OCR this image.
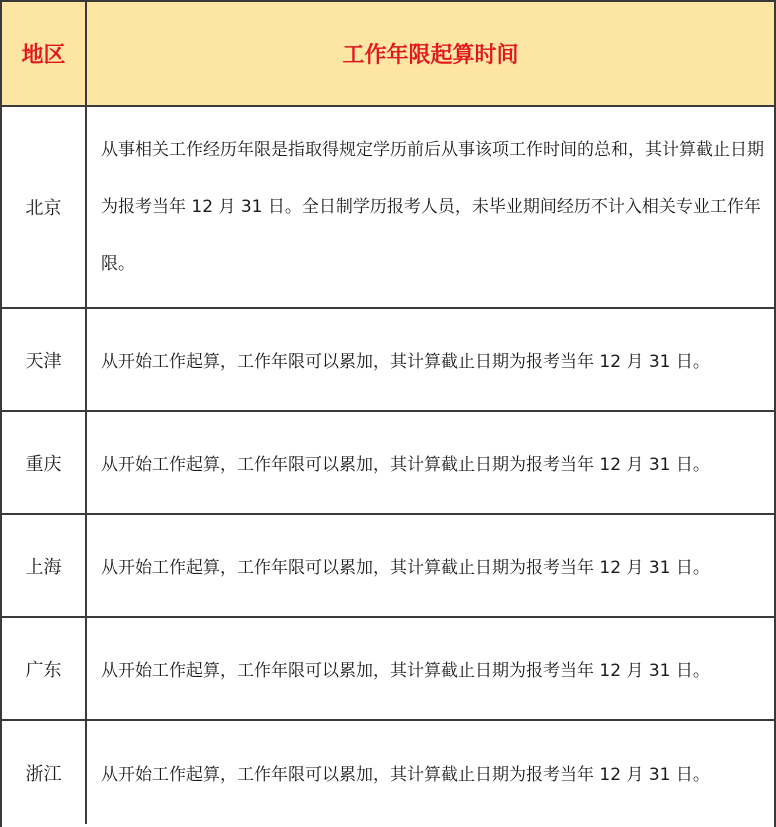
地区	工作年限起算时间
北京	从事相关工作经历年限是指取得规定学历前后从事该项工作时间的总和，其计算截止日期为报考当年 12 月 31 日。全日制学历报考人员，未毕业期间经历不计入相关专业工作年限。
天津	从开始工作起算，工作年限可以累加，其计算截止日期为报考当年 12 月 31 日。
重庆	从开始工作起算，工作年限可以累加，其计算截止日期为报考当年 12 月 31 日。
上海	从开始工作起算，工作年限可以累加，其计算截止日期为报考当年 12 月 31 日。
广东	从开始工作起算，工作年限可以累加，其计算截止日期为报考当年 12 月 31 日。
浙江	从开始工作起算，工作年限可以累加，其计算截止日期为报考当年 12 月 31 日。
